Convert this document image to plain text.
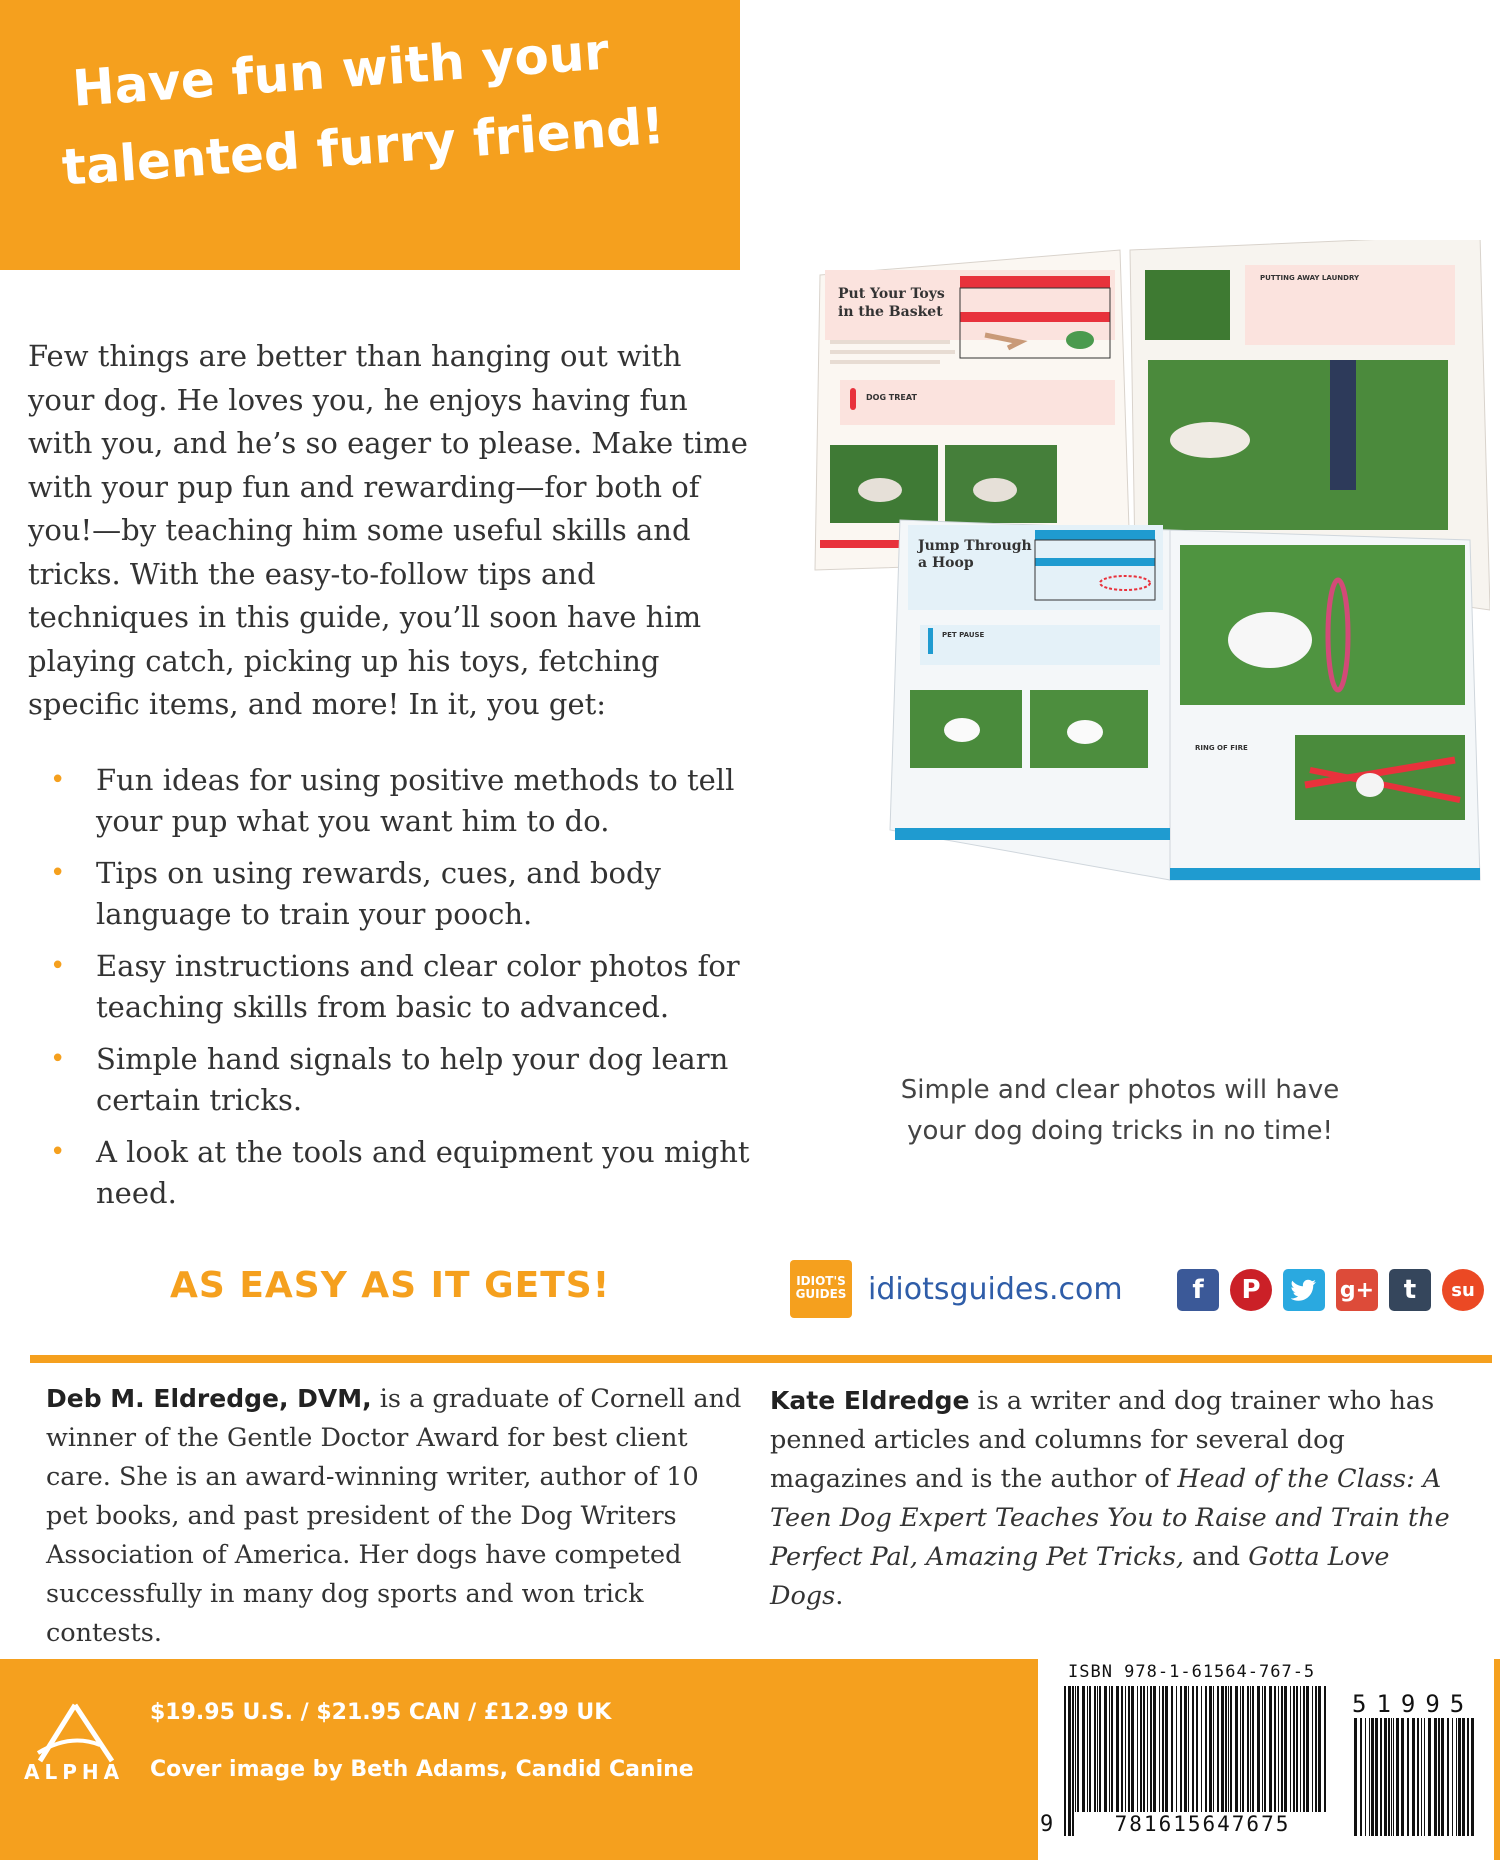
Have fun with your
talented furry friend!

Few things are better than hanging out with your dog. He loves you, he enjoys having fun with you, and he’s so eager to please. Make time with your pup fun and rewarding—for both of you!—by teaching him some useful skills and tricks. With the easy-to-follow tips and techniques in this guide, you’ll soon have him playing catch, picking up his toys, fetching specific items, and more! In it, you get:

• Fun ideas for using positive methods to tell your pup what you want him to do.
• Tips on using rewards, cues, and body language to train your pooch.
• Easy instructions and clear color photos for teaching skills from basic to advanced.
• Simple hand signals to help your dog learn certain tricks.
• A look at the tools and equipment you might need.
Put Your Toys
in the Basket
DOG TREAT
PUTTING AWAY LAUNDRY
Jump Through
a Hoop
PET PAUSE
RING OF FIRE

Simple and clear photos will have
your dog doing tricks in no time!

AS EASY AS IT GETS!	IDIOT'S
GUIDES idiotsguides.com	f	P	g+	t	su

Deb M. Eldredge, DVM, is a graduate of Cornell and winner of the Gentle Doctor Award for best client care. She is an award-winning writer, author of 10 pet books, and past president of the Dog Writers Association of America. Her dogs have competed successfully in many dog sports and won trick contests.

Kate Eldredge is a writer and dog trainer who has penned articles and columns for several dog magazines and is the author of Head of the Class: A Teen Dog Expert Teaches You to Raise and Train the Perfect Pal, Amazing Pet Tricks, and Gotta Love Dogs.

ALPHA
$19.95 U.S. / $21.95 CAN / £12.99 UK
Cover image by Beth Adams, Candid Canine
ISBN 978-1-61564-767-5
51995
9	781615647675
